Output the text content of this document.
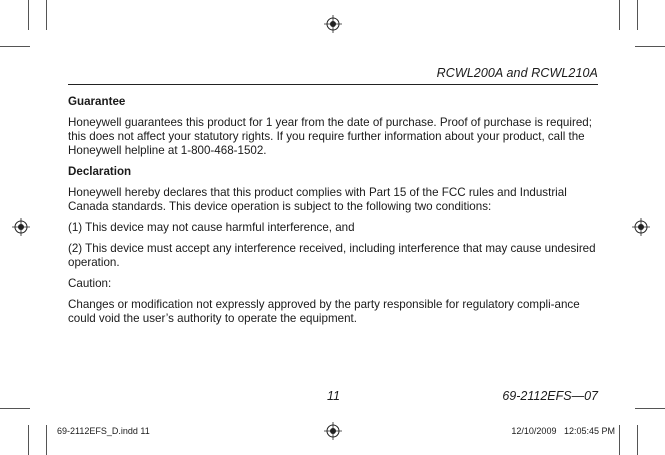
RCWL200A and RCWL210A
Guarantee

Honeywell guarantees this product for 1 year from the date of purchase. Proof of purchase is required; this does not affect your statutory rights. If you require further information about your product, call the Honeywell helpline at 1-800-468-1502.

Declaration

Honeywell hereby declares that this product complies with Part 15 of the FCC rules and Industrial Canada standards. This device operation is subject to the following two conditions:

(1) This device may not cause harmful interference, and

(2) This device must accept any interference received, including interference that may cause undesired operation.

Caution:

Changes or modification not expressly approved by the party responsible for regulatory compli-ance could void the user’s authority to operate the equipment.

11	69-2112EFS—07
69-2112EFS_D.indd 11	12/10/2009   12:05:45 PM
